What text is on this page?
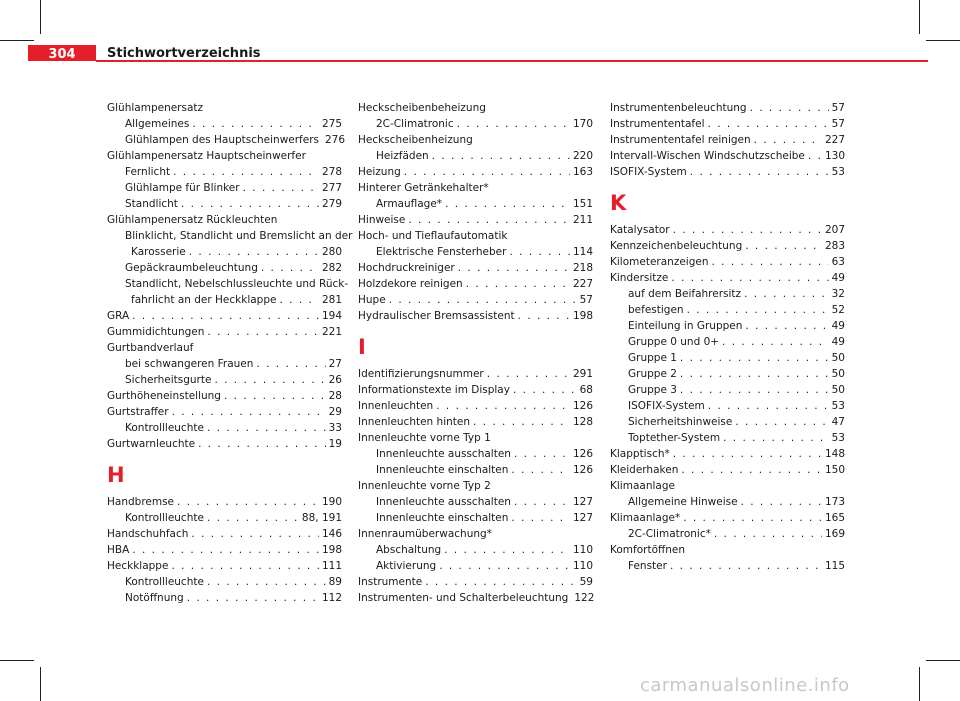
304	Stichwortverzeichnis
Glühlampenersatz
Allgemeines . . .	275
Glühlampen des Hauptscheinwerfers 276
Glühlampenersatz Hauptscheinwerfer
Fernlicht . . .	278
Glühlampe für Blinker . . .	277
Standlicht . . .	279
Glühlampenersatz Rückleuchten
Blinklicht, Standlicht und Bremslicht an der
Karosserie . . .	280
Gepäckraumbeleuchtung . . .	282
Standlicht, Nebelschlussleuchte und Rück-
fahrlicht an der Heckklappe . . .	281
GRA . . .	194
Gummidichtungen . . .	221
Gurtbandverlauf
bei schwangeren Frauen . . .	27
Sicherheitsgurte . . .	26
Gurthöheneinstellung . . .	28
Gurtstraffer . . .	29
Kontrollleuchte . . .	33
Gurtwarnleuchte . . .	19
H
Handbremse . . .	190
Kontrollleuchte . . .	88, 191
Handschuhfach . . .	146
HBA . . .	198
Heckklappe . . .	111
Kontrollleuchte . . .	89
Notöffnung . . .	112
Heckscheibenbeheizung
2C-Climatronic . . .	170
Heckscheibenheizung
Heizfäden . . .	220
Heizung . . .	163
Hinterer Getränkehalter*
Armauflage* . . .	151
Hinweise . . .	211
Hoch- und Tieflaufautomatik
Elektrische Fensterheber . . .	114
Hochdruckreiniger . . .	218
Holzdekore reinigen . . .	227
Hupe . . .	57
Hydraulischer Bremsassistent . . .	198
I
Identifizierungsnummer . . .	291
Informationstexte im Display . . .	68
Innenleuchten . . .	126
Innenleuchten hinten . . .	128
Innenleuchte vorne Typ 1
Innenleuchte ausschalten . . .	126
Innenleuchte einschalten . . .	126
Innenleuchte vorne Typ 2
Innenleuchte ausschalten . . .	127
Innenleuchte einschalten . . .	127
Innenraumüberwachung*
Abschaltung . . .	110
Aktivierung . . .	110
Instrumente . . .	59
Instrumenten- und Schalterbeleuchtung 122
Instrumentenbeleuchtung . . .	57
Instrumententafel . . .	57
Instrumententafel reinigen . . .	227
Intervall-Wischen Windschutzscheibe . . . 130
ISOFIX-System . . .	53
K
Katalysator . . .	207
Kennzeichenbeleuchtung . . .	283
Kilometeranzeigen . . .	63
Kindersitze . . .	49
auf dem Beifahrersitz . . .	32
befestigen . . .	52
Einteilung in Gruppen . . .	49
Gruppe 0 und 0+ . . .	49
Gruppe 1 . . .	50
Gruppe 2 . . .	50
Gruppe 3 . . .	50
ISOFIX-System . . .	53
Sicherheitshinweise . . .	47
Toptether-System . . .	53
Klapptisch* . . .	148
Kleiderhaken . . .	150
Klimaanlage
Allgemeine Hinweise . . .	173
Klimaanlage* . . .	165
2C-Climatronic* . . .	169
Komfortöffnen
Fenster . . .	115
carmanualsonline.info
